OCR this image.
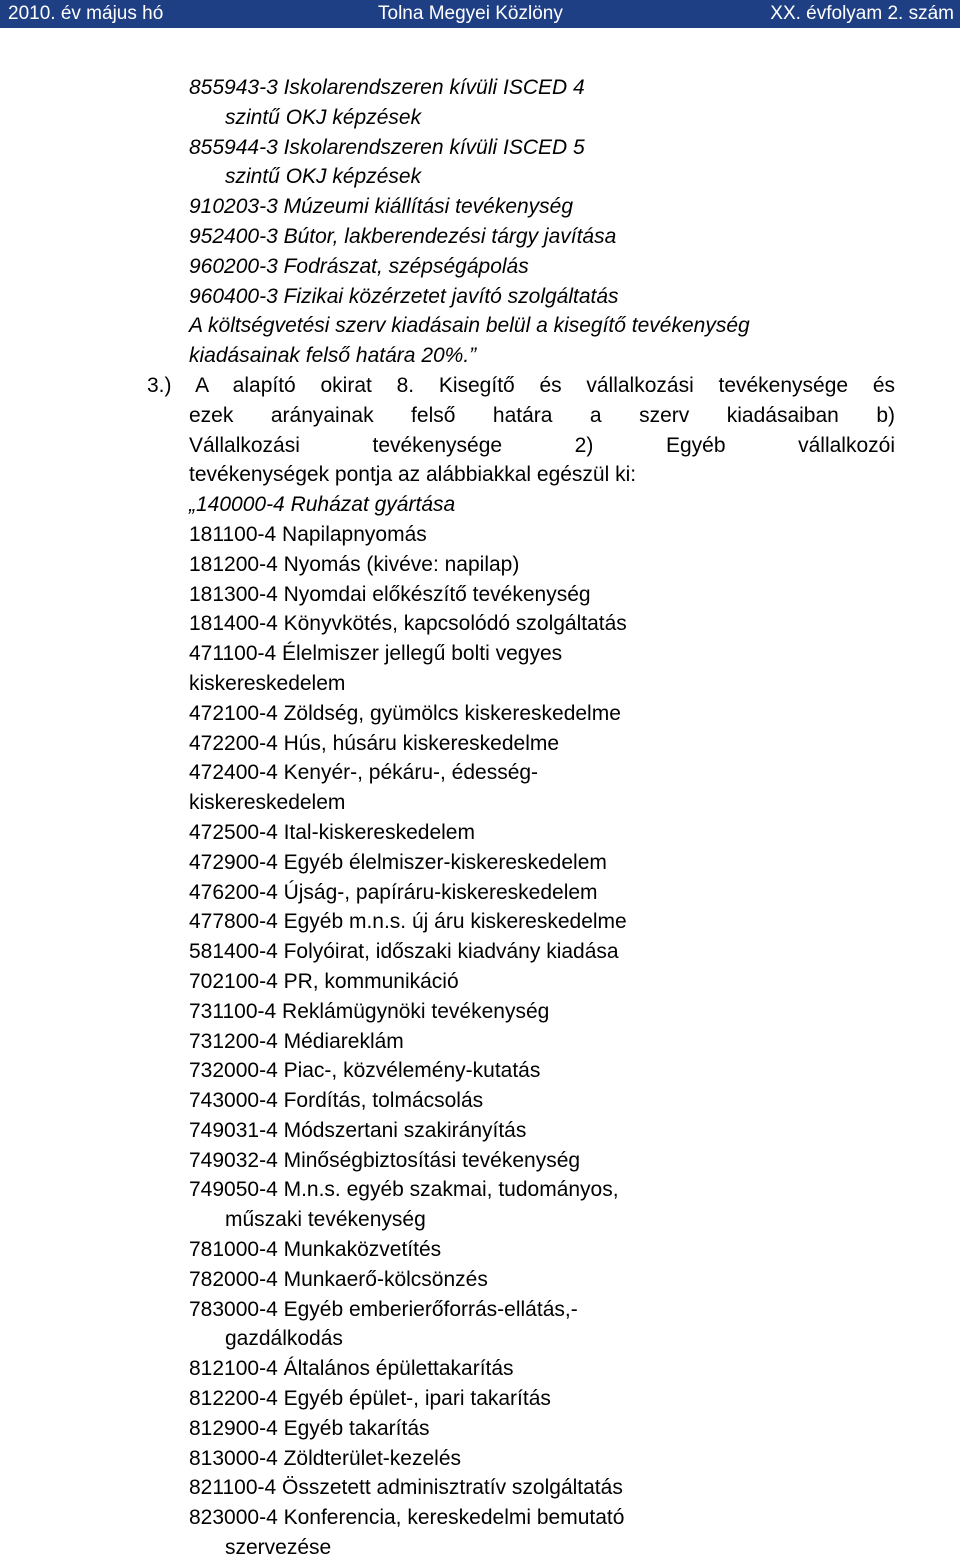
2010. év május hó	Tolna Megyei Közlöny	XX. évfolyam 2. szám
855943-3 Iskolarendszeren kívüli ISCED 4
szintű OKJ képzések
855944-3 Iskolarendszeren kívüli ISCED 5
szintű OKJ képzések
910203-3 Múzeumi kiállítási tevékenység
952400-3 Bútor, lakberendezési tárgy javítása
960200-3 Fodrászat, szépségápolás
960400-3 Fizikai közérzetet javító szolgáltatás
A költségvetési szerv kiadásain belül a kisegítő tevékenység
kiadásainak felső határa 20%.”
3.) A alapító okirat 8. Kisegítő és vállalkozási tevékenysége és
ezek arányainak felső határa a szerv kiadásaiban b)
Vállalkozási tevékenysége 2) Egyéb vállalkozói
tevékenységek pontja az alábbiakkal egészül ki:
„140000-4 Ruházat gyártása
181100-4 Napilapnyomás
181200-4 Nyomás (kivéve: napilap)
181300-4 Nyomdai előkészítő tevékenység
181400-4 Könyvkötés, kapcsolódó szolgáltatás
471100-4 Élelmiszer jellegű bolti vegyes
kiskereskedelem
472100-4 Zöldség, gyümölcs kiskereskedelme
472200-4 Hús, húsáru kiskereskedelme
472400-4 Kenyér-, pékáru-, édesség-
kiskereskedelem
472500-4 Ital-kiskereskedelem
472900-4 Egyéb élelmiszer-kiskereskedelem
476200-4 Újság-, papíráru-kiskereskedelem
477800-4 Egyéb m.n.s. új áru kiskereskedelme
581400-4 Folyóirat, időszaki kiadvány kiadása
702100-4 PR, kommunikáció
731100-4 Reklámügynöki tevékenység
731200-4 Médiareklám
732000-4 Piac-, közvélemény-kutatás
743000-4 Fordítás, tolmácsolás
749031-4 Módszertani szakirányítás
749032-4 Minőségbiztosítási tevékenység
749050-4 M.n.s. egyéb szakmai, tudományos,
műszaki tevékenység
781000-4 Munkaközvetítés
782000-4 Munkaerő-kölcsönzés
783000-4 Egyéb emberierőforrás-ellátás,-
gazdálkodás
812100-4 Általános épülettakarítás
812200-4 Egyéb épület-, ipari takarítás
812900-4 Egyéb takarítás
813000-4 Zöldterület-kezelés
821100-4 Összetett adminisztratív szolgáltatás
823000-4 Konferencia, kereskedelmi bemutató
szervezése
